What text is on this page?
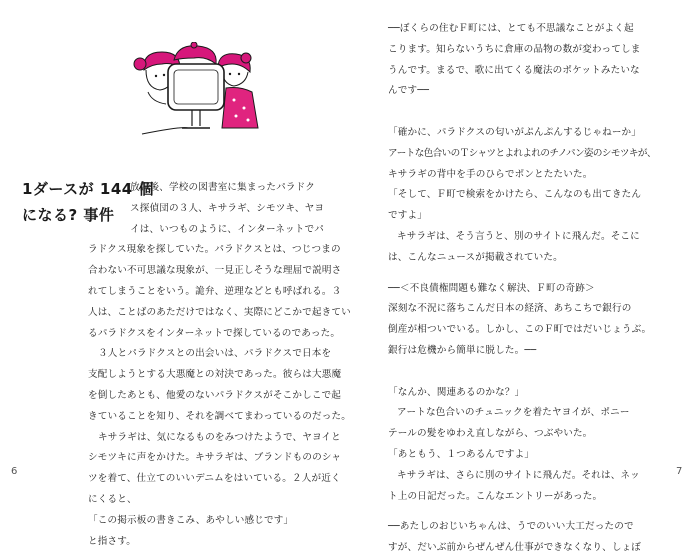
1ダースが 144 個
になる? 事件
放課後、学校の図書室に集まったパラドク
ス探偵団の３人、キサラギ、シモツキ、ヤヨ
イは、いつものように、インターネットでパ
ラドクス現象を探していた。パラドクスとは、つじつまの
合わない不可思議な現象が、一見正しそうな理屈で説明さ
れてしまうことをいう。詭弁、逆理などとも呼ばれる。３
人は、ことばのあただけではなく、実際にどこかで起きてい
るパラドクスをインターネットで探しているのであった。
３人とパラドクスとの出会いは、パラドクスで日本を
支配しようとする大悪魔との対決であった。彼らは大悪魔
を倒したあとも、他愛のないパラドクスがそこかしこで起
きていることを知り、それを調べてまわっているのだった。
キサラギは、気になるものをみつけたようで、ヤヨイと
シモツキに声をかけた。キサラギは、ブランドもののシャ
ツを着て、仕立てのいいデニムをはいている。２人が近く
にくると、
「この掲示板の書きこみ、あやしい感じです」
と指さす。
──ぼくらの住むＦ町には、とても不思議なことがよく起
こります。知らないうちに倉庫の品物の数が変わってしま
うんです。まるで、歌に出てくる魔法のポケットみたいな
んです──
「確かに、パラドクスの匂いがぷんぷんするじゃねーか」
アートな色合いのＴシャツとよれよれのチノパン姿のシモツキが、
キサラギの背中を手のひらでポンとたたいた。
「そして、Ｆ町で検索をかけたら、こんなのも出てきたん
ですよ」
キサラギは、そう言うと、別のサイトに飛んだ。そこに
は、こんなニュースが掲載されていた。
──＜不良債権問題も難なく解決、Ｆ町の奇跡＞
深刻な不況に落ちこんだ日本の経済、あちこちで銀行の
倒産が相ついでいる。しかし、このＦ町ではだいじょうぶ。
銀行は危機から簡単に脱した。──
「なんか、関連あるのかな？」
アートな色合いのチュニックを着たヤヨイが、ポニー
テールの髪をゆわえ直しながら、つぶやいた。
「あともう、１つあるんですよ」
キサラギは、さらに別のサイトに飛んだ。それは、ネッ
ト上の日記だった。こんなエントリーがあった。
──あたしのおじいちゃんは、うでのいい大工だったので
すが、だいぶ前からぜんぜん仕事ができなくなり、しょぼ
6	7
